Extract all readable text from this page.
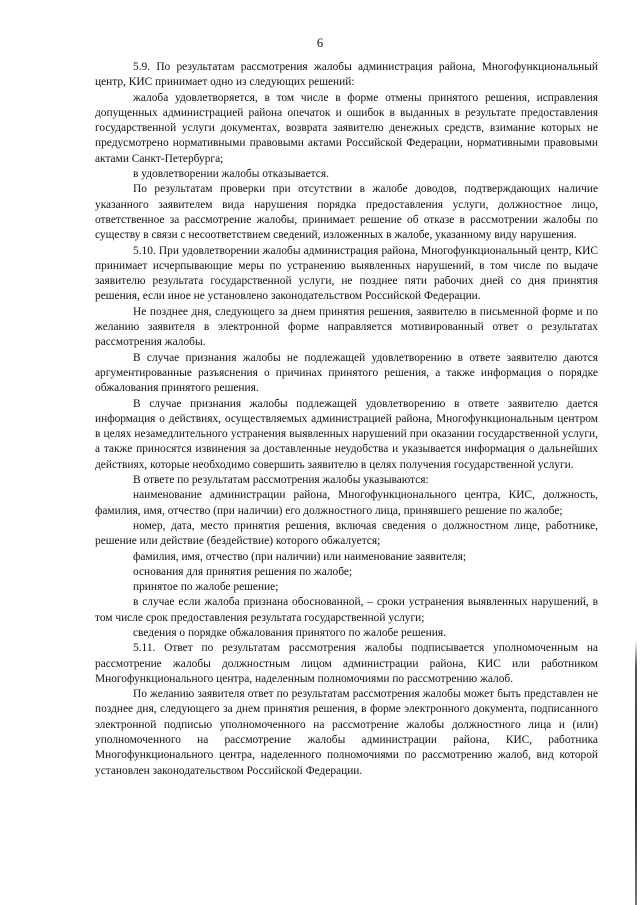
6

5.9. По результатам рассмотрения жалобы администрация района, Многофункциональный центр, КИС принимает одно из следующих решений:

жалоба удовлетворяется, в том числе в форме отмены принятого решения, исправления допущенных администрацией района опечаток и ошибок в выданных в результате предоставления государственной услуги документах, возврата заявителю денежных средств, взимание которых не предусмотрено нормативными правовыми актами Российской Федерации, нормативными правовыми актами Санкт-Петербурга;

в удовлетворении жалобы отказывается.

По результатам проверки при отсутствии в жалобе доводов, подтверждающих наличие указанного заявителем вида нарушения порядка предоставления услуги, должностное лицо, ответственное за рассмотрение жалобы, принимает решение об отказе в рассмотрении жалобы по существу в связи с несоответствием сведений, изложенных в жалобе, указанному виду нарушения.

5.10. При удовлетворении жалобы администрация района, Многофункциональный центр, КИС принимает исчерпывающие меры по устранению выявленных нарушений, в том числе по выдаче заявителю результата государственной услуги, не позднее пяти рабочих дней со дня принятия решения, если иное не установлено законодательством Российской Федерации.

Не позднее дня, следующего за днем принятия решения, заявителю в письменной форме и по желанию заявителя в электронной форме направляется мотивированный ответ о результатах рассмотрения жалобы.

В случае признания жалобы не подлежащей удовлетворению в ответе заявителю даются аргументированные разъяснения о причинах принятого решения, а также информация о порядке обжалования принятого решения.

В случае признания жалобы подлежащей удовлетворению в ответе заявителю дается информация о действиях, осуществляемых администрацией района, Многофункциональным центром в целях незамедлительного устранения выявленных нарушений при оказании государственной услуги, а также приносятся извинения за доставленные неудобства и указывается информация о дальнейших действиях, которые необходимо совершить заявителю в целях получения государственной услуги.

В ответе по результатам рассмотрения жалобы указываются:

наименование администрации района, Многофункционального центра, КИС, должность, фамилия, имя, отчество (при наличии) его должностного лица, принявшего решение по жалобе;

номер, дата, место принятия решения, включая сведения о должностном лице, работнике, решение или действие (бездействие) которого обжалуется;

фамилия, имя, отчество (при наличии) или наименование заявителя;

основания для принятия решения по жалобе;

принятое по жалобе решение;

в случае если жалоба признана обоснованной, – сроки устранения выявленных нарушений, в том числе срок предоставления результата государственной услуги;

сведения о порядке обжалования принятого по жалобе решения.

5.11. Ответ по результатам рассмотрения жалобы подписывается уполномоченным на рассмотрение жалобы должностным лицом администрации района, КИС или работником Многофункционального центра, наделенным полномочиями по рассмотрению жалоб.

По желанию заявителя ответ по результатам рассмотрения жалобы может быть представлен не позднее дня, следующего за днем принятия решения, в форме электронного документа, подписанного электронной подписью уполномоченного на рассмотрение жалобы должностного лица и (или) уполномоченного на рассмотрение жалобы администрации района, КИС, работника Многофункционального центра, наделенного полномочиями по рассмотрению жалоб, вид которой установлен законодательством Российской Федерации.
